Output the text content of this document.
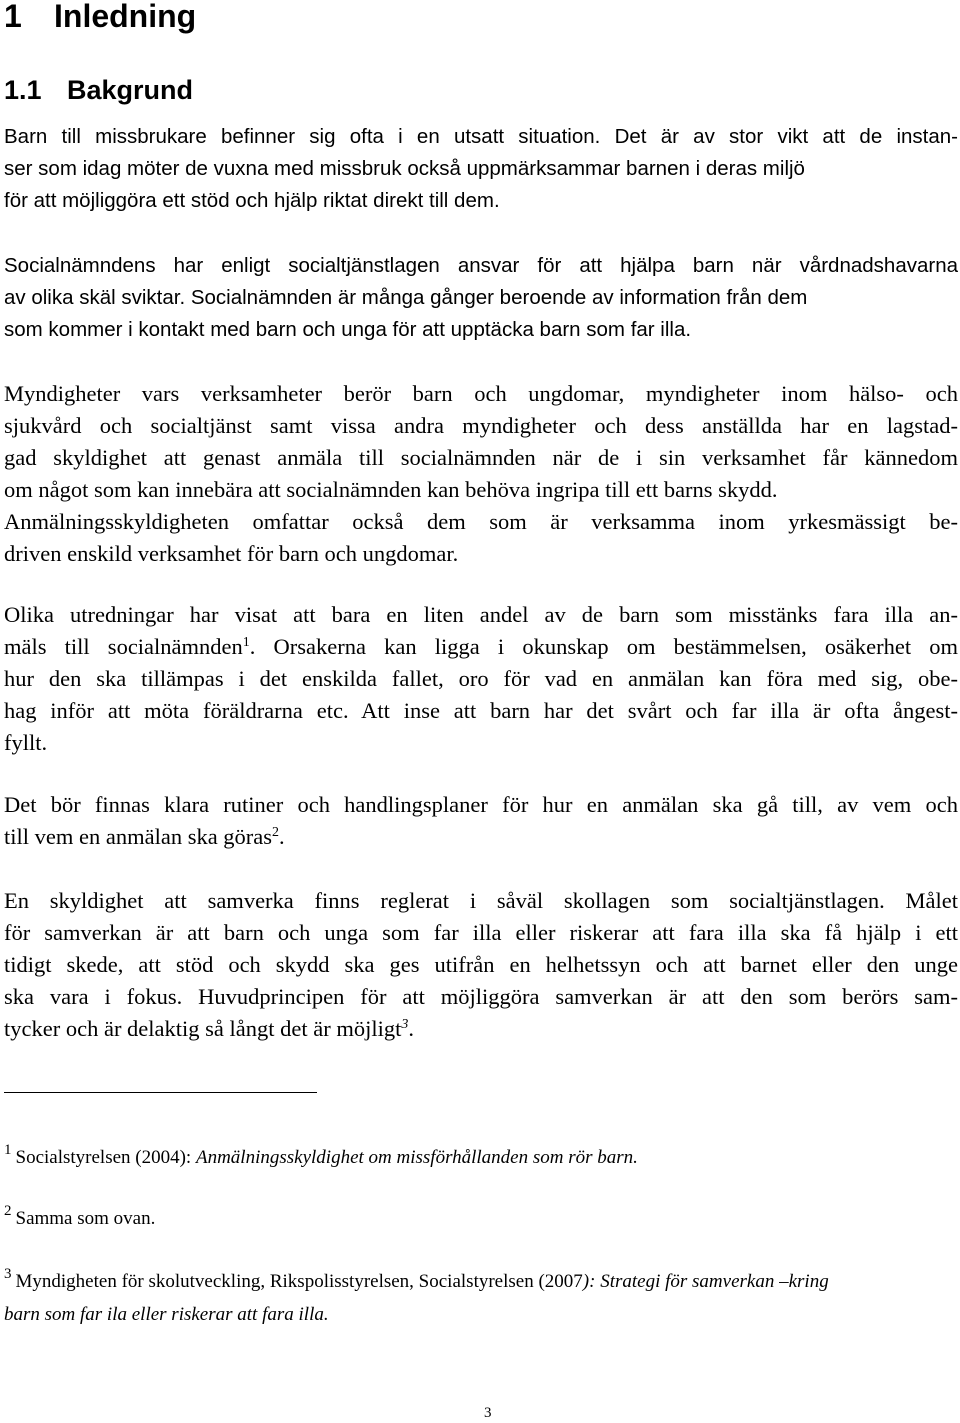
1 Inledning
1.1 Bakgrund
Barn till missbrukare befinner sig ofta i en utsatt situation. Det är av stor vikt att de instan-
ser som idag möter de vuxna med missbruk också uppmärksammar barnen i deras miljö
för att möjliggöra ett stöd och hjälp riktat direkt till dem.
Socialnämndens har enligt socialtjänstlagen ansvar för att hjälpa barn när vårdnadshavarna
av olika skäl sviktar. Socialnämnden är många gånger beroende av information från dem
som kommer i kontakt med barn och unga för att upptäcka barn som far illa.
Myndigheter vars verksamheter berör barn och ungdomar, myndigheter inom hälso- och
sjukvård och socialtjänst samt vissa andra myndigheter och dess anställda har en lagstad-
gad skyldighet att genast anmäla till socialnämnden när de i sin verksamhet får kännedom
om något som kan innebära att socialnämnden kan behöva ingripa till ett barns skydd.
Anmälningsskyldigheten omfattar också dem som är verksamma inom yrkesmässigt be-
driven enskild verksamhet för barn och ungdomar.
Olika utredningar har visat att bara en liten andel av de barn som misstänks fara illa an-
mäls till socialnämnden$^1$. Orsakerna kan ligga i okunskap om bestämmelsen, osäkerhet om
hur den ska tillämpas i det enskilda fallet, oro för vad en anmälan kan föra med sig, obe-
hag inför att möta föräldrarna etc. Att inse att barn har det svårt och far illa är ofta ångest-
fyllt.
Det bör finnas klara rutiner och handlingsplaner för hur en anmälan ska gå till, av vem och
till vem en anmälan ska göras$^2$.
En skyldighet att samverka finns reglerat i såväl skollagen som socialtjänstlagen. Målet
för samverkan är att barn och unga som far illa eller riskerar att fara illa ska få hjälp i ett
tidigt skede, att stöd och skydd ska ges utifrån en helhetssyn och att barnet eller den unge
ska vara i fokus. Huvudprincipen för att möjliggöra samverkan är att den som berörs sam-
tycker och är delaktig så långt det är möjligt$^3$.
$^1$ Socialstyrelsen (2004): Anmälningsskyldighet om missförhållanden som rör barn.
$^2$ Samma som ovan.
$^3$ Myndigheten för skolutveckling, Rikspolisstyrelsen, Socialstyrelsen (2007): Strategi för samverkan –kring
barn som far ila eller riskerar att fara illa.
3
